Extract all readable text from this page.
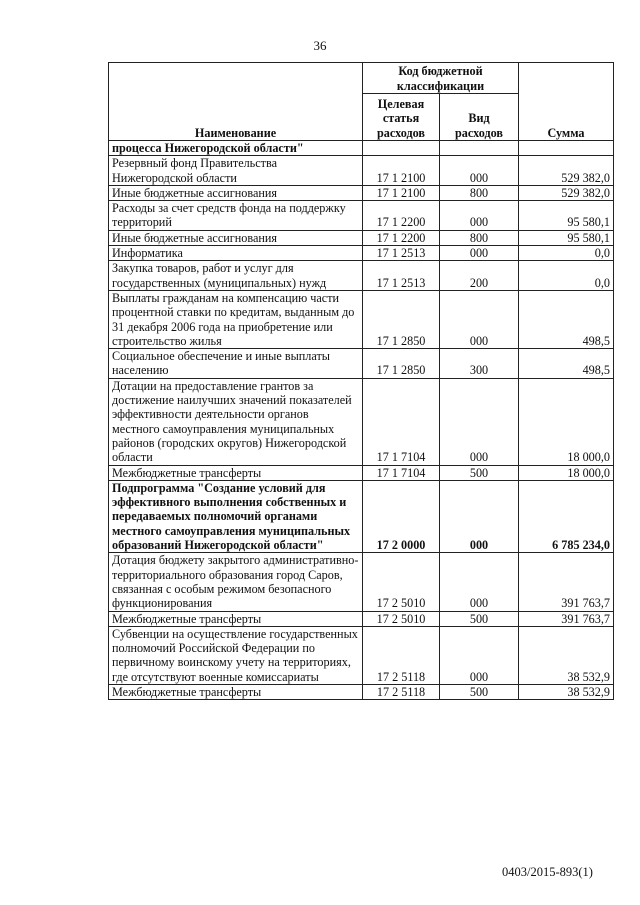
36
Наименование	Код бюджетной классификации		Сумма
	Целевая статья расходов	Вид расходов	
процесса Нижегородской области"			
Резервный фонд Правительства Нижегородской области	17 1 2100	000	529 382,0
Иные бюджетные ассигнования	17 1 2100	800	529 382,0
Расходы за счет средств фонда на поддержку территорий	17 1 2200	000	95 580,1
Иные бюджетные ассигнования	17 1 2200	800	95 580,1
Информатика	17 1 2513	000	0,0
Закупка товаров, работ и услуг для государственных (муниципальных) нужд	17 1 2513	200	0,0
Выплаты гражданам на компенсацию части процентной ставки по кредитам, выданным до 31 декабря 2006 года на приобретение или строительство жилья	17 1 2850	000	498,5
Социальное обеспечение и иные выплаты населению	17 1 2850	300	498,5
Дотации на предоставление грантов за достижение наилучших значений показателей эффективности деятельности органов местного самоуправления муниципальных районов (городских округов) Нижегородской области	17 1 7104	000	18 000,0
Межбюджетные трансферты	17 1 7104	500	18 000,0
Подпрограмма "Создание условий для эффективного выполнения собственных и передаваемых полномочий органами местного самоуправления муниципальных образований Нижегородской области"	17 2 0000	000	6 785 234,0
Дотация бюджету закрытого административно-территориального образования город Саров, связанная с особым режимом безопасного функционирования	17 2 5010	000	391 763,7
Межбюджетные трансферты	17 2 5010	500	391 763,7
Субвенции на осуществление государственных полномочий Российской Федерации по первичному воинскому учету на территориях, где отсутствуют военные комиссариаты	17 2 5118	000	38 532,9
Межбюджетные трансферты	17 2 5118	500	38 532,9
0403/2015-893(1)
